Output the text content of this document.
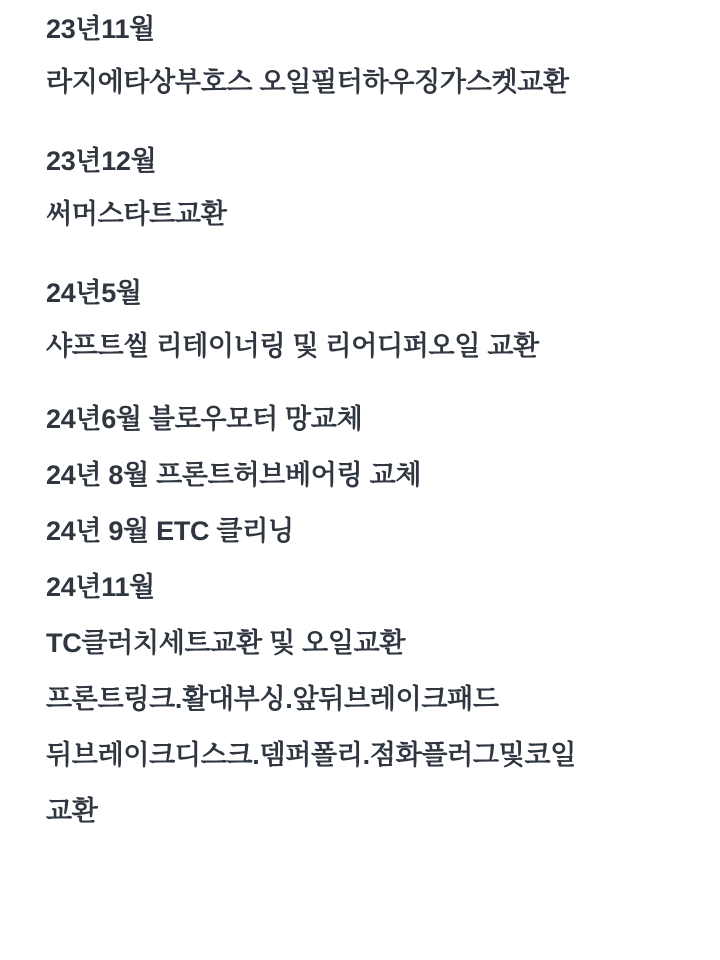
23년11월
라지에타상부호스 오일필터하우징가스켓교환
23년12월
써머스타트교환
24년5월
샤프트씰 리테이너링 및 리어디퍼오일 교환
24년6월 블로우모터 망교체
24년 8월 프론트허브베어링 교체
24년 9월 ETC 클리닝
24년11월
TC클러치세트교환 및 오일교환
프론트링크.활대부싱.앞뒤브레이크패드
뒤브레이크디스크.뎀퍼폴리.점화플러그및코일
교환
